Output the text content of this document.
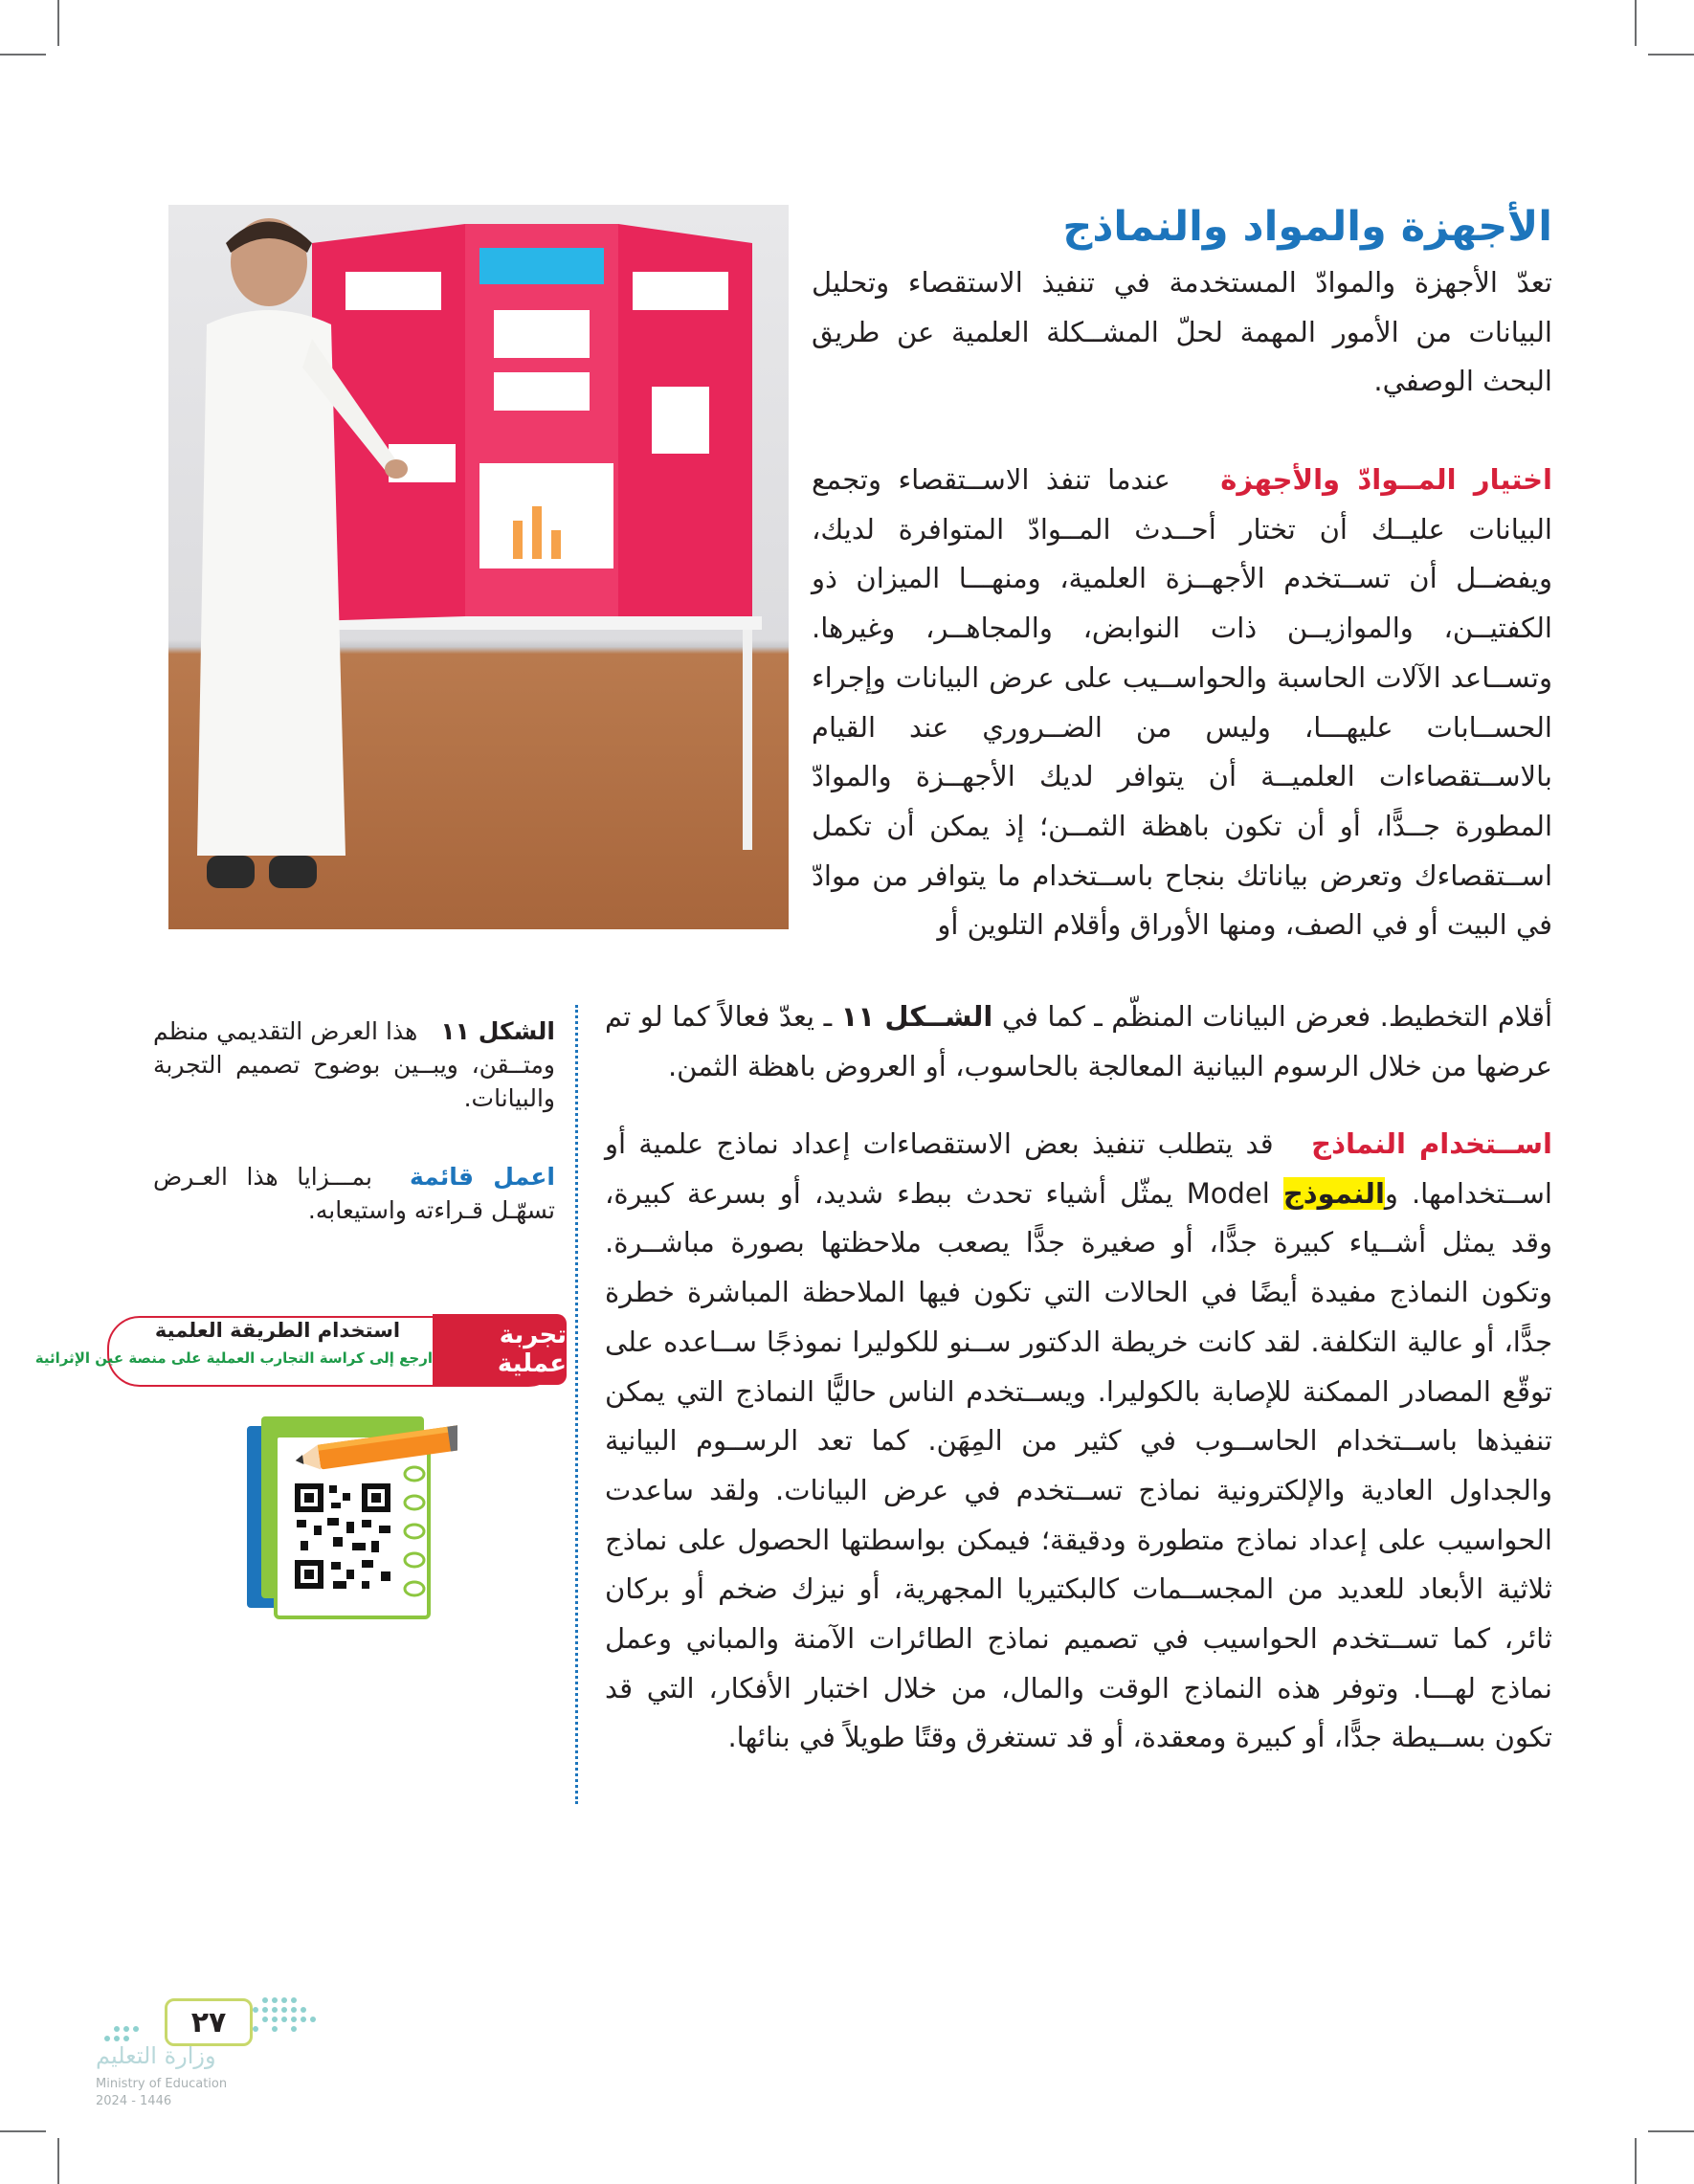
الأجهزة والمواد والنماذج

تعدّ الأجهزة والموادّ المستخدمة في تنفيذ الاستقصاء وتحليل البيانات من الأمور المهمة لحلّ المشــكلة العلمية عن طريق البحث الوصفي.

اختيار المــوادّ والأجهزة   عندما تنفذ الاســتقصاء وتجمع البيانات عليــك أن تختار أحــدث المــوادّ المتوافرة لديك، ويفضــل أن تســتخدم الأجهــزة العلمية، ومنهـــا الميزان ذو الكفتيــن، والموازيــن ذات النوابض، والمجاهــر، وغيرها. وتســاعد الآلات الحاسبة والحواســيب على عرض البيانات وإجراء الحســابات عليهـــا، وليس من الضــروري عند القيام بالاســتقصاءات العلميــة أن يتوافر لديك الأجهــزة والموادّ المطورة جــدًّا، أو أن تكون باهظة الثمــن؛ إذ يمكن أن تكمل اســتقصاءك وتعرض بياناتك بنجاح باســتخدام ما يتوافر من موادّ في البيت أو في الصف، ومنها الأوراق وأقلام التلوين أو

أقلام التخطيط. فعرض البيانات المنظّم ـ كما في الشــكل ١١ ـ يعدّ فعالاً كما لو تم عرضها من خلال الرسوم البيانية المعالجة بالحاسوب، أو العروض باهظة الثمن.

اســتخدام النماذج   قد يتطلب تنفيذ بعض الاستقصاءات إعداد نماذج علمية أو اســتخدامها. والنموذج Model يمثّل أشياء تحدث ببطء شديد، أو بسرعة كبيرة، وقد يمثل أشــياء كبيرة جدًّا، أو صغيرة جدًّا يصعب ملاحظتها بصورة مباشــرة. وتكون النماذج مفيدة أيضًا في الحالات التي تكون فيها الملاحظة المباشرة خطرة جدًّا، أو عالية التكلفة. لقد كانت خريطة الدكتور ســنو للكوليرا نموذجًا ســاعده على توقّع المصادر الممكنة للإصابة بالكوليرا. ويســتخدم الناس حاليًّا النماذج التي يمكن تنفيذها باســتخدام الحاســوب في كثير من المِهَن. كما تعد الرســوم البيانية والجداول العادية والإلكترونية نماذج تســتخدم في عرض البيانات. ولقد ساعدت الحواسيب على إعداد نماذج متطورة ودقيقة؛ فيمكن بواسطتها الحصول على نماذج ثلاثية الأبعاد للعديد من المجســمات كالبكتيريا المجهرية، أو نيزك ضخم أو بركان ثائر، كما تســتخدم الحواسيب في تصميم نماذج الطائرات الآمنة والمباني وعمل نماذج لهـــا. وتوفر هذه النماذج الوقت والمال، من خلال اختبار الأفكار، التي قد تكون بســيطة جدًّا، أو كبيرة ومعقدة، أو قد تستغرق وقتًا طويلاً في بنائها.

الشكل ١١   هذا العرض التقديمي منظم ومتــقن، ويبــين بوضوح تصميم التجربة والبيانات.

اعمل قائمة  بمـــزايا هذا العـرض تسهّـل قـراءته واستيعابه.

تجربة عملية
استخدام الطريقة العلمية
ارجع إلى كراسة التجارب العملية على منصة عين الإثرائية
٢٧
وزارة التعليم
Ministry of Education
2024 - 1446
